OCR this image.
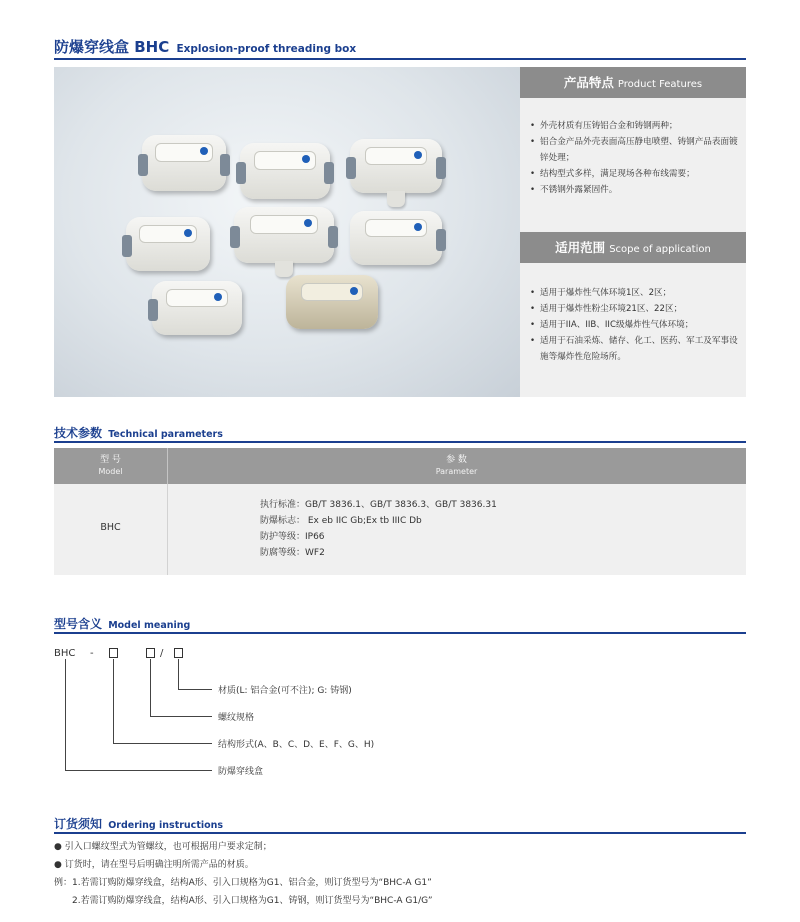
防爆穿线盒 BHC Explosion-proof threading box
产品特点 Product Features
• 外壳材质有压铸铝合金和铸钢两种；
• 铝合金产品外壳表面高压静电喷塑、铸钢产品表面镀锌处理；
• 结构型式多样，满足现场各种布线需要；
• 不锈钢外露紧固件。
适用范围 Scope of application
• 适用于爆炸性气体环境1区、2区；
• 适用于爆炸性粉尘环境21区、22区；
• 适用于IIA、IIB、IIC级爆炸性气体环境；
• 适用于石油采炼、储存、化工、医药、军工及军事设施等爆炸性危险场所。
技术参数 Technical parameters
型 号
Model
参 数
Parameter
BHC
执行标准：GB/T 3836.1、GB/T 3836.3、GB/T 3836.31
防爆标志： Ex eb IIC Gb;Ex tb IIIC Db
防护等级：IP66
防腐等级：WF2
型号含义 Model meaning
BHC -	/
材质(L: 铝合金(可不注); G: 铸钢)
螺纹规格
结构形式(A、B、C、D、E、F、G、H)
防爆穿线盒
订货须知 Ordering instructions
● 引入口螺纹型式为管螺纹，也可根据用户要求定制；
● 订货时，请在型号后明确注明所需产品的材质。
例：1.若需订购防爆穿线盒，结构A形、引入口规格为G1、铝合金，则订货型号为“BHC-A G1”
　　2.若需订购防爆穿线盒，结构A形、引入口规格为G1、铸钢，则订货型号为“BHC-A G1/G”
